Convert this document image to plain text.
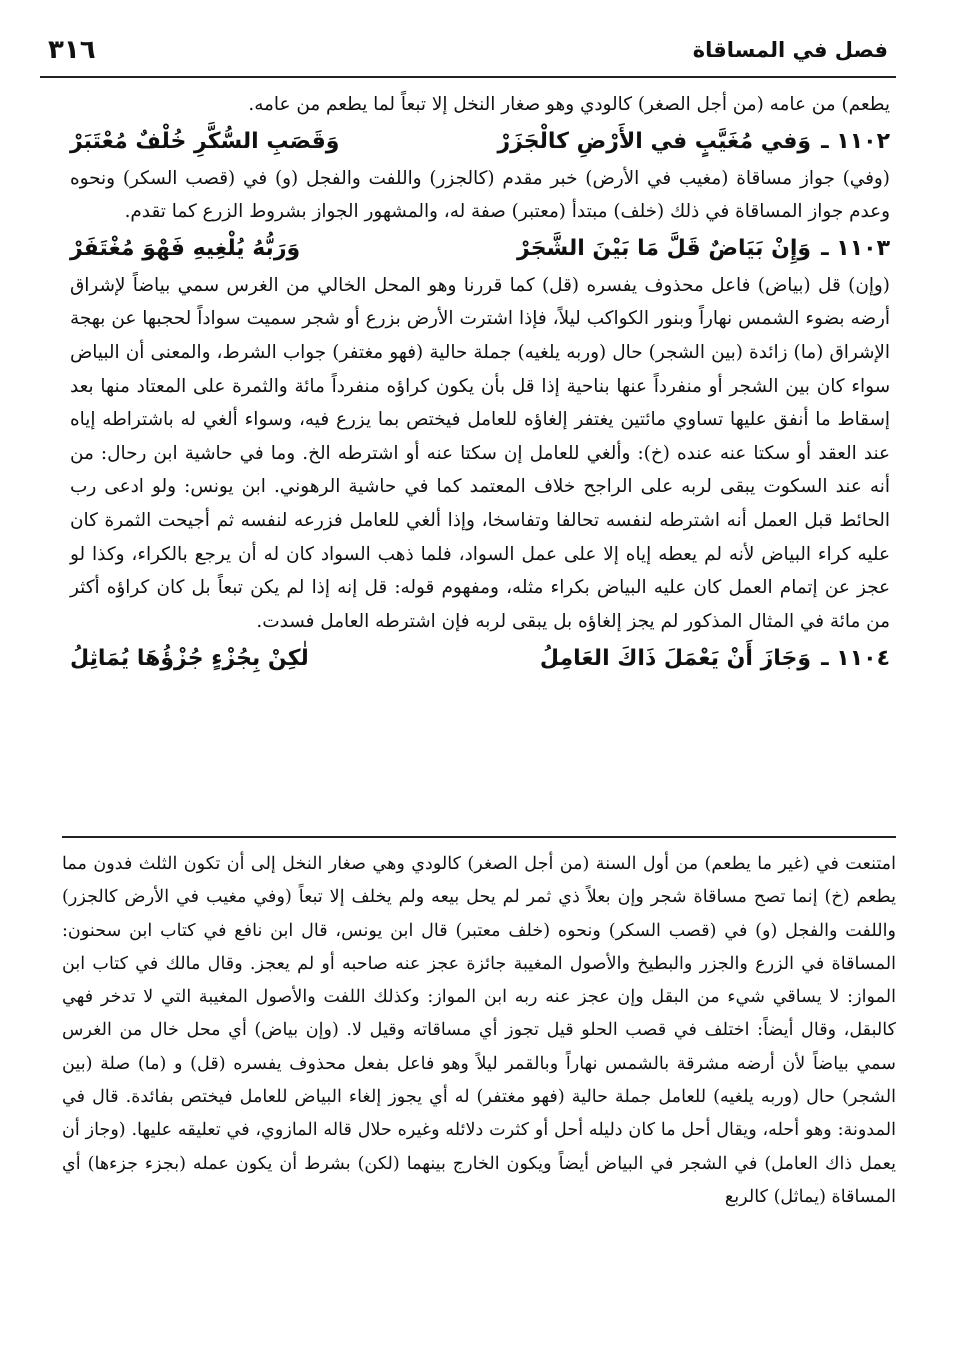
فصل في المساقاة
٣١٦

يطعم) من عامه (من أجل الصغر) كالودي وهو صغار النخل إلا تبعاً لما يطعم من عامه.

١١٠٢ ـوَفي مُغَيَّبٍ في الأَرْضِ كالْجَزَرْ
وَقَصَبِ السُّكَّرِ خُلْفٌ مُعْتَبَرْ

(وفي) جواز مساقاة (مغيب في الأرض) خبر مقدم (كالجزر) واللفت والفجل (و) في (قصب السكر) ونحوه وعدم جواز المساقاة في ذلك (خلف) مبتدأ (معتبر) صفة له، والمشهور الجواز بشروط الزرع كما تقدم.

١١٠٣ ـوَإِنْ بَيَاضٌ قَلَّ مَا بَيْنَ الشَّجَرْ
وَرَبُّهُ يُلْغِيهِ فَهْوَ مُغْتَفَرْ

(وإن) قل (بياض) فاعل محذوف يفسره (قل) كما قررنا وهو المحل الخالي من الغرس سمي بياضاً لإشراق أرضه بضوء الشمس نهاراً وبنور الكواكب ليلاً، فإذا اشترت الأرض بزرع أو شجر سميت سواداً لحجبها عن بهجة الإشراق (ما) زائدة (بين الشجر) حال (وربه يلغيه) جملة حالية (فهو مغتفر) جواب الشرط، والمعنى أن البياض سواء كان بين الشجر أو منفرداً عنها بناحية إذا قل بأن يكون كراؤه منفرداً مائة والثمرة على المعتاد منها بعد إسقاط ما أنفق عليها تساوي مائتين يغتفر إلغاؤه للعامل فيختص بما يزرع فيه، وسواء ألغي له باشتراطه إياه عند العقد أو سكتا عنه عنده (خ): وألغي للعامل إن سكتا عنه أو اشترطه الخ. وما في حاشية ابن رحال: من أنه عند السكوت يبقى لربه على الراجح خلاف المعتمد كما في حاشية الرهوني. ابن يونس: ولو ادعى رب الحائط قبل العمل أنه اشترطه لنفسه تحالفا وتفاسخا، وإذا ألغي للعامل فزرعه لنفسه ثم أجيحت الثمرة كان عليه كراء البياض لأنه لم يعطه إياه إلا على عمل السواد، فلما ذهب السواد كان له أن يرجع بالكراء، وكذا لو عجز عن إتمام العمل كان عليه البياض بكراء مثله، ومفهوم قوله: قل إنه إذا لم يكن تبعاً بل كان كراؤه أكثر من مائة في المثال المذكور لم يجز إلغاؤه بل يبقى لربه فإن اشترطه العامل فسدت.

١١٠٤ ـوَجَازَ أَنْ يَعْمَلَ ذَاكَ العَامِلُ
لٰكِنْ بِجُزْءٍ جُزْؤُهَا يُمَاثِلُ

امتنعت في (غير ما يطعم) من أول السنة (من أجل الصغر) كالودي وهي صغار النخل إلى أن تكون الثلث فدون مما يطعم (خ) إنما تصح مساقاة شجر وإن بعلاً ذي ثمر لم يحل بيعه ولم يخلف إلا تبعاً (وفي مغيب في الأرض كالجزر) واللفت والفجل (و) في (قصب السكر) ونحوه (خلف معتبر) قال ابن يونس، قال ابن نافع في كتاب ابن سحنون: المساقاة في الزرع والجزر والبطيخ والأصول المغيبة جائزة عجز عنه صاحبه أو لم يعجز. وقال مالك في كتاب ابن المواز: لا يساقي شيء من البقل وإن عجز عنه ربه ابن المواز: وكذلك اللفت والأصول المغيبة التي لا تدخر فهي كالبقل، وقال أيضاً: اختلف في قصب الحلو قيل تجوز أي مساقاته وقيل لا. (وإن بياض) أي محل خال من الغرس سمي بياضاً لأن أرضه مشرقة بالشمس نهاراً وبالقمر ليلاً وهو فاعل بفعل محذوف يفسره (قل) و (ما) صلة (بين الشجر) حال (وربه يلغيه) للعامل جملة حالية (فهو مغتفر) له أي يجوز إلغاء البياض للعامل فيختص بفائدة. قال في المدونة: وهو أحله، ويقال أحل ما كان دليله أحل أو كثرت دلائله وغيره حلال قاله المازوي، في تعليقه عليها. (وجاز أن يعمل ذاك العامل) في الشجر في البياض أيضاً ويكون الخارج بينهما (لكن) بشرط أن يكون عمله (بجزء جزءها) أي المساقاة (يماثل) كالربع
